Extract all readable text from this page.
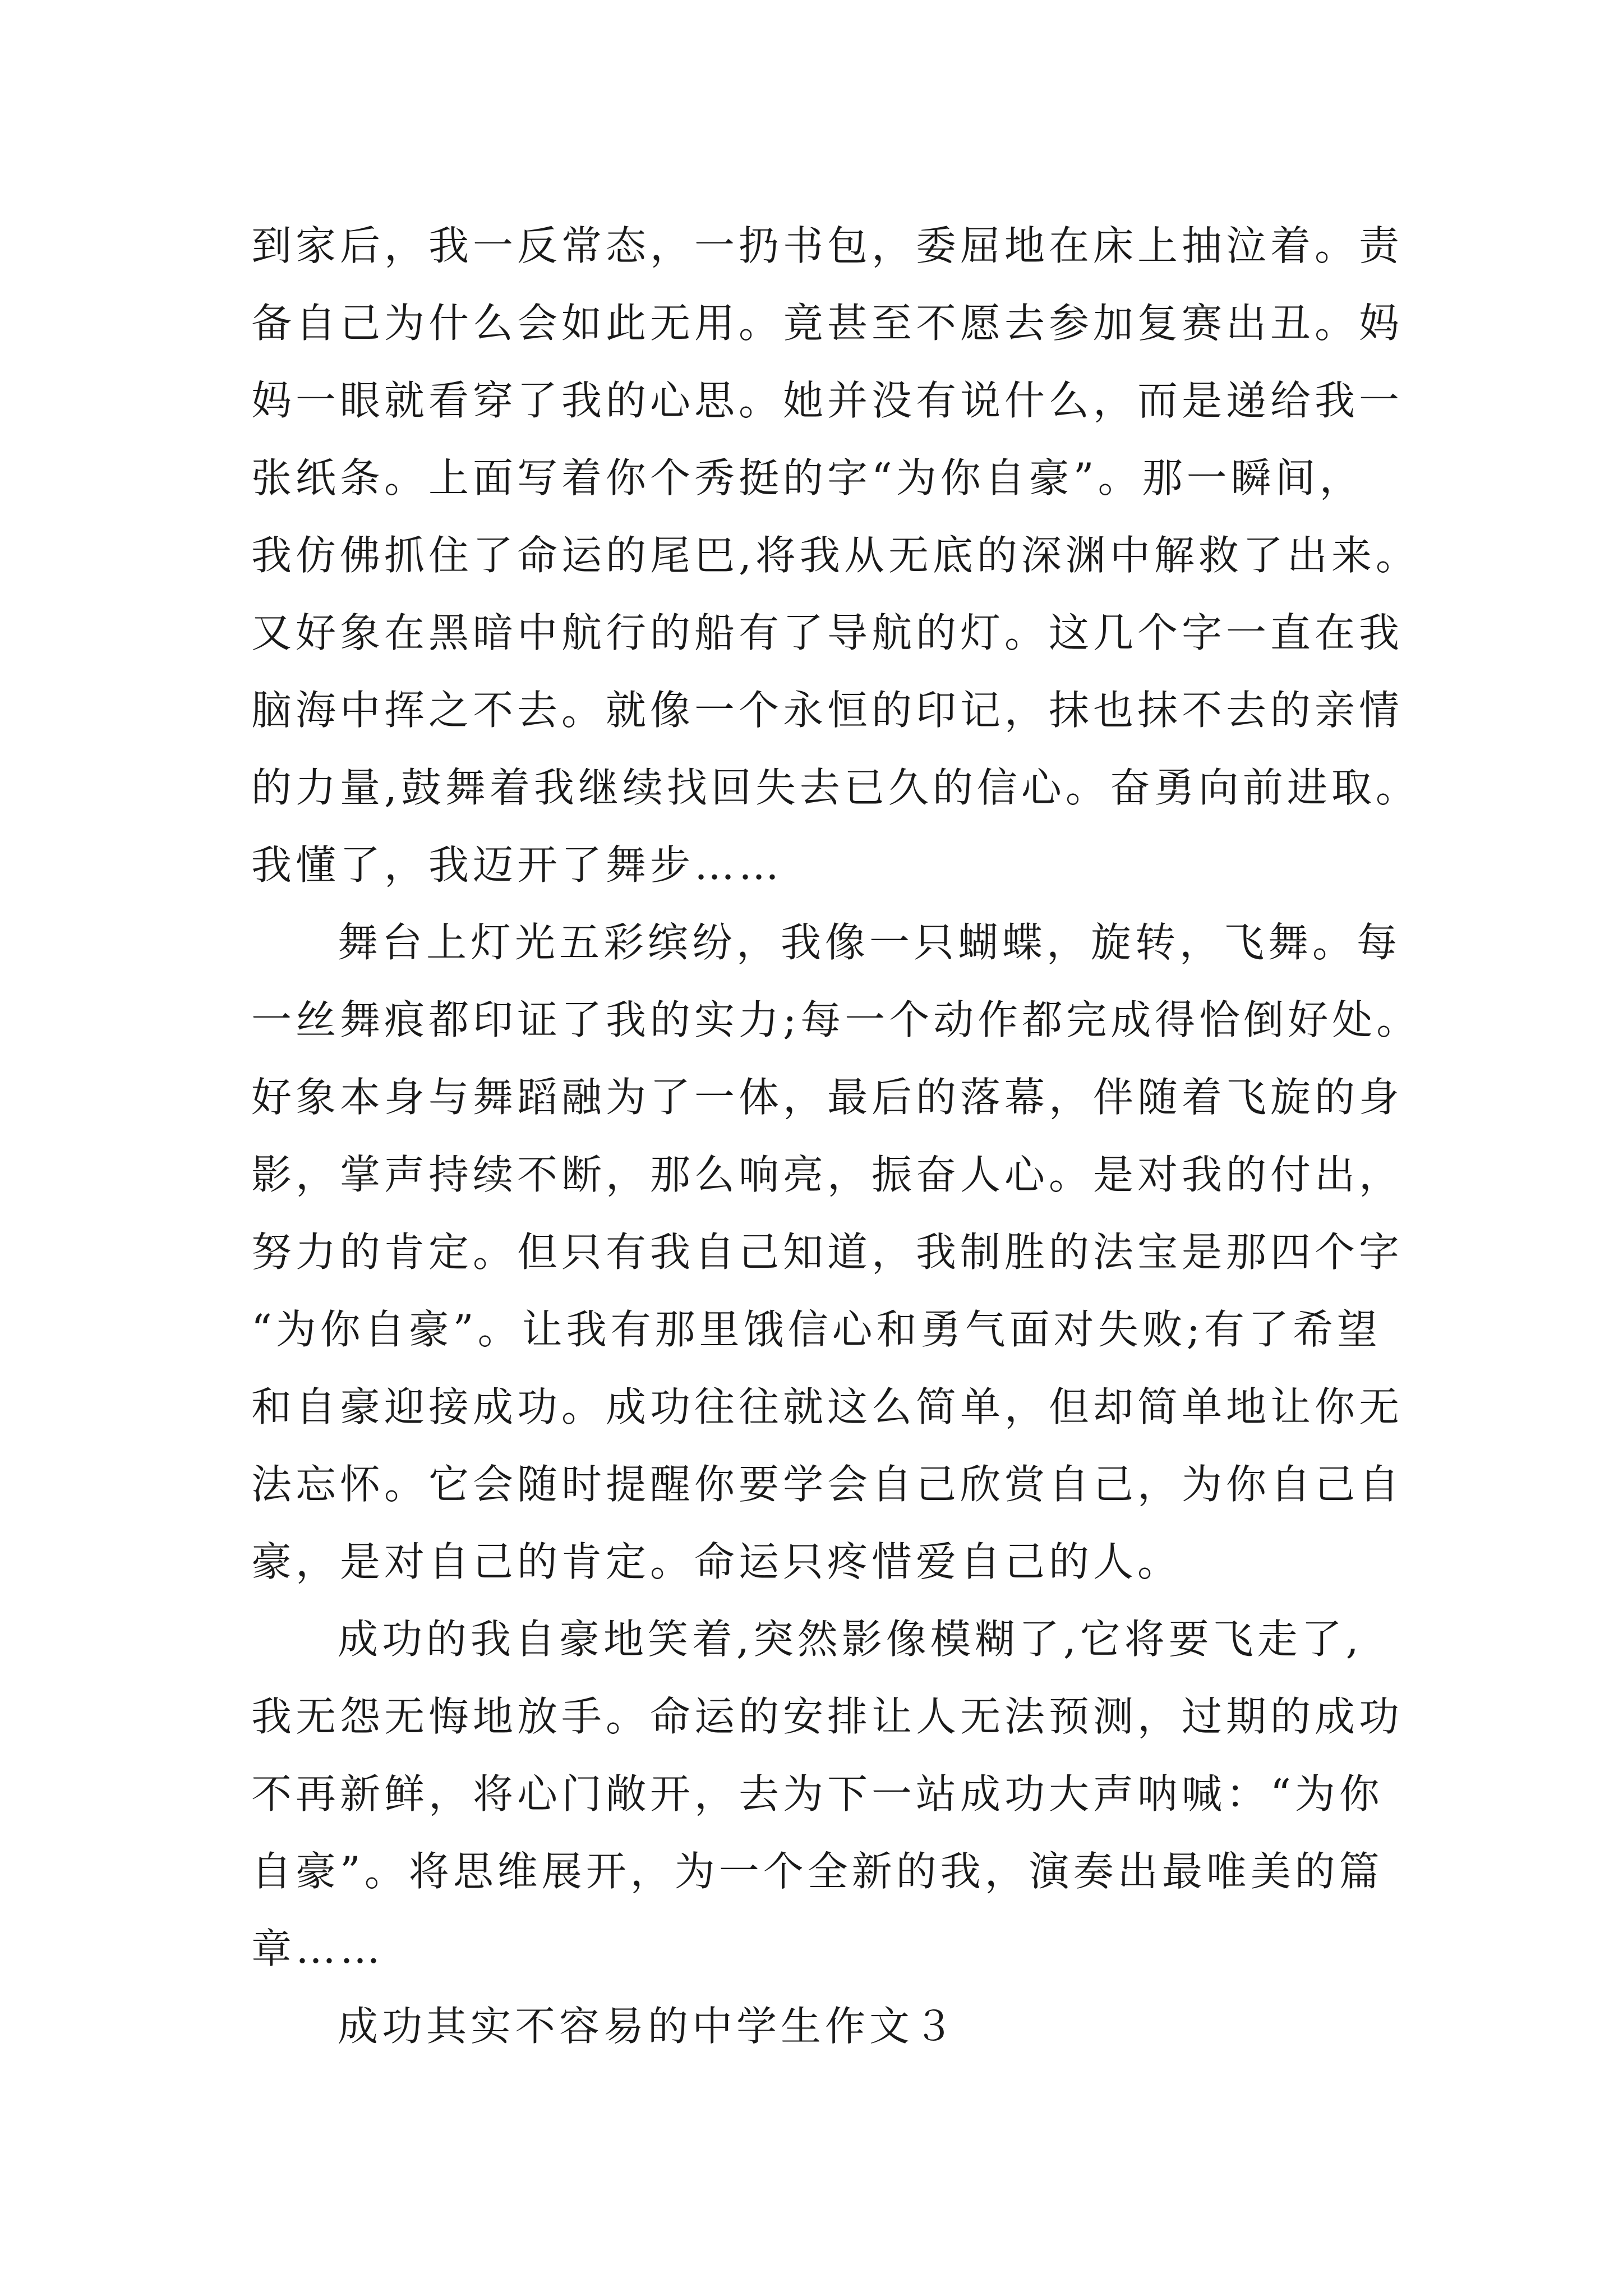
到家后，我一反常态，一扔书包，委屈地在床上抽泣着。责
备自己为什么会如此无用。竟甚至不愿去参加复赛出丑。妈
妈一眼就看穿了我的心思。她并没有说什么，而是递给我一
张纸条。上面写着你个秀挺的字“为你自豪”。那一瞬间，
我仿佛抓住了命运的尾巴,将我从无底的深渊中解救了出来。
又好象在黑暗中航行的船有了导航的灯。这几个字一直在我
脑海中挥之不去。就像一个永恒的印记，抹也抹不去的亲情
的力量,鼓舞着我继续找回失去已久的信心。奋勇向前进取。
我懂了，我迈开了舞步……
舞台上灯光五彩缤纷，我像一只蝴蝶，旋转，飞舞。每
一丝舞痕都印证了我的实力;每一个动作都完成得恰倒好处。
好象本身与舞蹈融为了一体，最后的落幕，伴随着飞旋的身
影，掌声持续不断，那么响亮，振奋人心。是对我的付出，
努力的肯定。但只有我自己知道，我制胜的法宝是那四个字
“为你自豪”。让我有那里饿信心和勇气面对失败;有了希望
和自豪迎接成功。成功往往就这么简单，但却简单地让你无
法忘怀。它会随时提醒你要学会自己欣赏自己，为你自己自
豪，是对自己的肯定。命运只疼惜爱自己的人。
成功的我自豪地笑着,突然影像模糊了,它将要飞走了,
我无怨无悔地放手。命运的安排让人无法预测，过期的成功
不再新鲜，将心门敞开，去为下一站成功大声呐喊：“为你
自豪”。将思维展开，为一个全新的我，演奏出最唯美的篇
章……
成功其实不容易的中学生作文３
